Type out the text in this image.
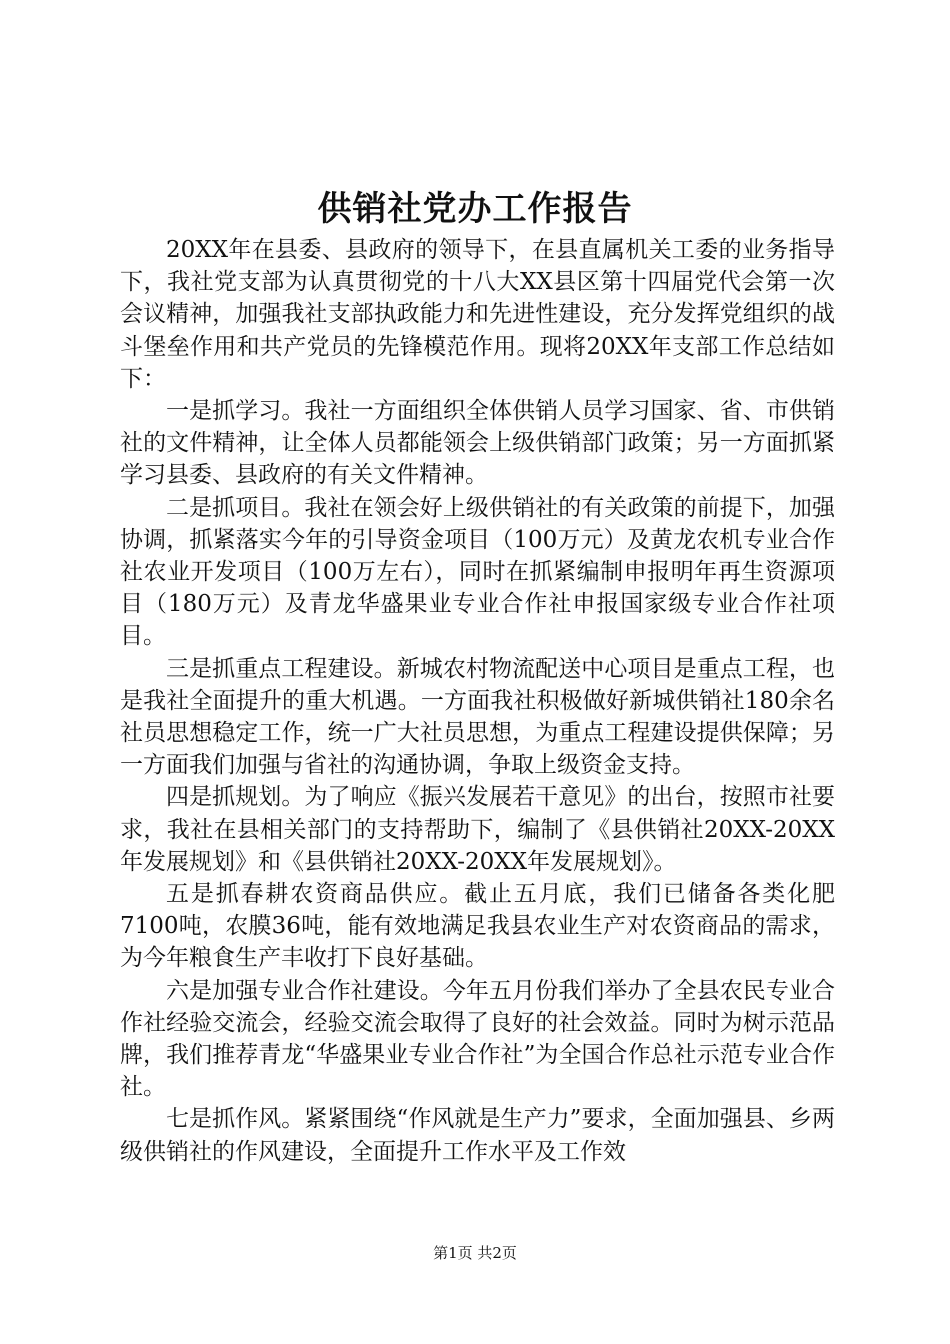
供销社党办工作报告

20XX年在县委、县政府的领导下，在县直属机关工委的业务指导下，我社党支部为认真贯彻党的十八大XX县区第十四届党代会第一次会议精神，加强我社支部执政能力和先进性建设，充分发挥党组织的战斗堡垒作用和共产党员的先锋模范作用。现将20XX年支部工作总结如下：

一是抓学习。我社一方面组织全体供销人员学习国家、省、市供销社的文件精神，让全体人员都能领会上级供销部门政策；另一方面抓紧学习县委、县政府的有关文件精神。

二是抓项目。我社在领会好上级供销社的有关政策的前提下，加强协调，抓紧落实今年的引导资金项目（100万元）及黄龙农机专业合作社农业开发项目（100万左右），同时在抓紧编制申报明年再生资源项目（180万元）及青龙华盛果业专业合作社申报国家级专业合作社项目。

三是抓重点工程建设。新城农村物流配送中心项目是重点工程，也是我社全面提升的重大机遇。一方面我社积极做好新城供销社180余名社员思想稳定工作，统一广大社员思想，为重点工程建设提供保障；另一方面我们加强与省社的沟通协调，争取上级资金支持。

四是抓规划。为了响应《振兴发展若干意见》的出台，按照市社要求，我社在县相关部门的支持帮助下，编制了《县供销社20XX-20XX年发展规划》和《县供销社20XX-20XX年发展规划》。

五是抓春耕农资商品供应。截止五月底，我们已储备各类化肥7100吨，农膜36吨，能有效地满足我县农业生产对农资商品的需求，为今年粮食生产丰收打下良好基础。

六是加强专业合作社建设。今年五月份我们举办了全县农民专业合作社经验交流会，经验交流会取得了良好的社会效益。同时为树示范品牌，我们推荐青龙“华盛果业专业合作社”为全国合作总社示范专业合作社。

七是抓作风。紧紧围绕“作风就是生产力”要求，全面加强县、乡两级供销社的作风建设，全面提升工作水平及工作效

第1页 共2页
